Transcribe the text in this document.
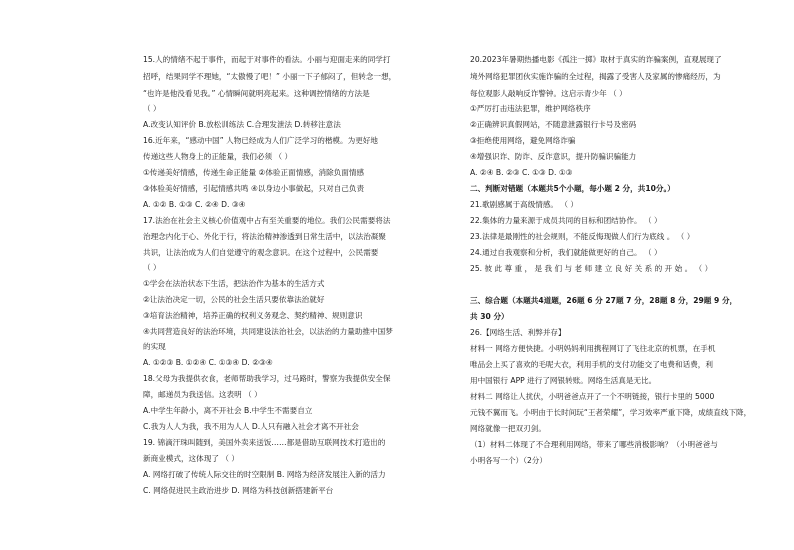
15.人的情绪不起于事件，而起于对事件的看法。小丽与迎面走来的同学打
招呼，结果同学不理她，“太傲慢了吧！” 小丽一下子郁闷了，但转念一想，
“也许是他没看见我。” 心情瞬间就明亮起来。这种调控情绪的方法是
（ ）
A.改变认知评价 B.放松训练法 C.合理发泄法 D.转移注意法
16.近年来，“感动中国” 人物已经成为人们广泛学习的楷模。为更好地
传递这些人物身上的正能量，我们必须 （ ）
①传递美好情感，传递生命正能量 ②体验正面情感，消除负面情感
③体验美好情感，引起情感共鸣 ④以身边小事做起，只对自己负责
A. ①② B. ①③ C. ②④ D. ③④
17.法治在社会主义核心价值观中占有至关重要的地位。我们公民需要将法
治理念内化于心、外化于行，将法治精神渗透到日常生活中，以法治凝聚
共识，让法治成为人们自觉遵守的观念意识。在这个过程中，公民需要
（ ）
①学会在法治状态下生活，把法治作为基本的生活方式
②让法治决定一切，公民的社会生活只要依靠法治就好
③培育法治精神，培养正确的权利义务观念、契约精神、规则意识
④共同营造良好的法治环境，共同建设法治社会，以法治的力量助推中国梦
的实现
A. ①②③ B. ①②④ C. ①③④ D. ②③④
18.父母为我提供衣食，老师帮助我学习，过马路时，警察为我提供安全保
障，邮递员为我送信。这表明 （ ）
A.中学生年龄小，离不开社会 B.中学生不需要自立
C.我为人人为我，我不用为人人 D.人只有融入社会才离不开社会
19. 锦滴汗珠叫随到，美国外卖来送饭……都是借助互联网技术打造出的
新商业模式，这体现了 （ ）
A. 网络打破了传统人际交往的时空限制 B. 网络为经济发展注入新的活力
C. 网络促进民主政治进步 D. 网络为科技创新搭建新平台
20.2023年暑期热播电影《孤注一掷》取材于真实的诈骗案例，直观展现了
境外网络犯罪团伙实施诈骗的全过程，揭露了受害人及家属的惨痛经历，为
每位观影人敲响反诈警钟。这启示青少年 （ ）
①严厉打击违法犯罪，维护网络秩序
②正确辨识真假网站，不随意泄露银行卡号及密码
③拒绝使用网络，避免网络诈骗
④增强识诈、防诈、反诈意识，提升防骗识骗能力
A. ②④ B. ②③ C. ①③ D. ①③
二、判断对错题（本题共5个小题，每小题 2 分，共10分。）
21.歌剧感属于高级情感。 （ ）
22.集体的力量来源于成员共同的目标和团结协作。 （ ）
23.法律是最刚性的社会规则，不能反悔现做人们行为底线 。 （ ）
24.通过自我观察和分析，我们就能做更好的自己。 （ ）
25. 彼 此 尊 重 ， 是 我 们 与 老 师 建 立 良 好 关 系 的 开 始 。 （ ）
三、综合题（本题共4道题，26题 6 分 27题 7 分，28题 8 分，29题 9 分，
共 30 分）
26.【网络生活、利弊并存】
材料一 网络方便快捷。小明妈妈利用携程网订了飞往北京的机票，在手机
唯品会上买了喜欢的毛呢大衣，利用手机的支付功能交了电费和话费，利
用中国银行 APP 进行了网银转账。网络生活真是无比。
材料二 网络让人扰伏，小明爸爸点开了一个不明链接，银行卡里的 5000
元钱不翼而飞。小明由于长时间玩“王者荣耀”，学习效率严重下降，成绩直线下降，
网络就像一把双刃剑。
（1）材料二体现了不合理利用网络，带来了哪些消极影响？（小明爸爸与
小明各写一个）（2分）
